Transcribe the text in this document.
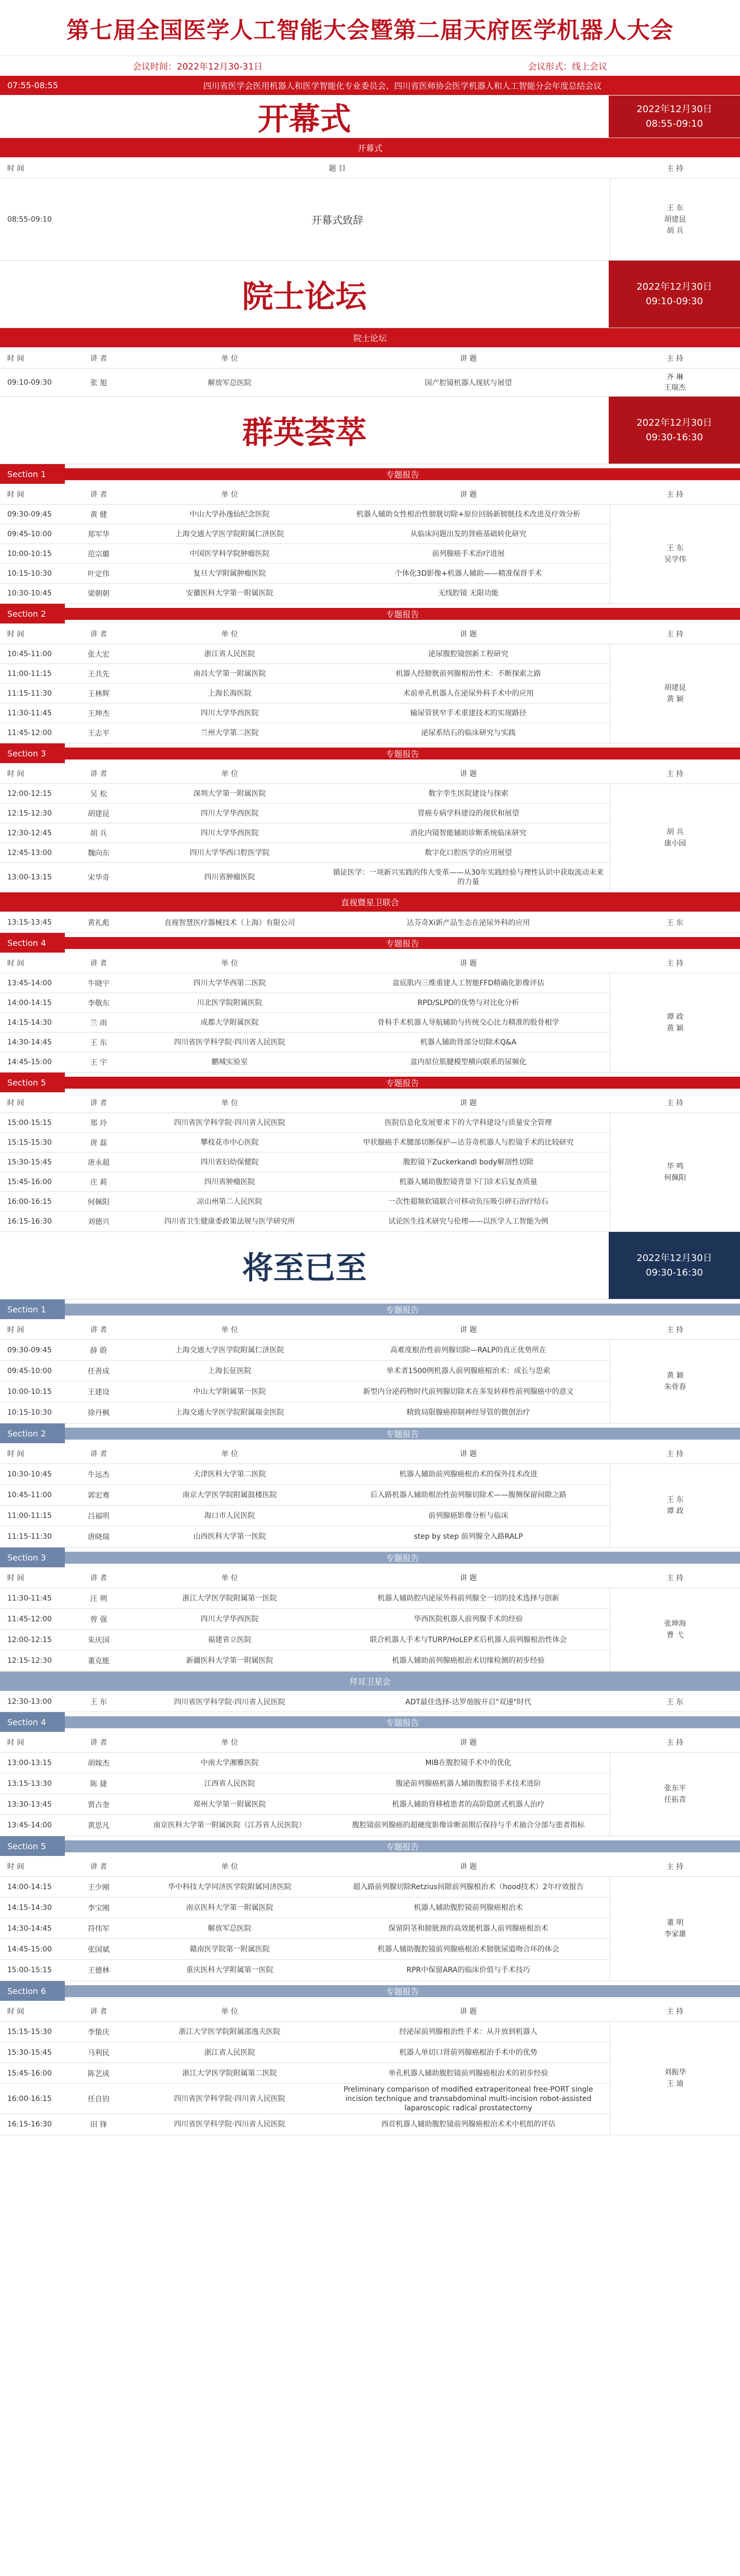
第七届全国医学人工智能大会暨第二届天府医学机器人大会
会议时间：2022年12月30-31日	会议形式：线上会议
07:55-08:55	四川省医学会医用机器人和医学智能化专业委员会、四川省医师协会医学机器人和人工智能分会年度总结会议
开幕式	2022年12月30日
08:55-09:10
开幕式
时 间	题 目	主 持
08:55-09:10	开幕式致辞
王 东
胡建昆
胡 兵
院士论坛	2022年12月30日
09:10-09:30
院士论坛
时 间	讲 者	单 位	讲 题	主 持
09:10-09:30	张 旭	解放军总医院	国产腔镜机器人现状与展望
齐 琳
王瑞杰
群英荟萃	2022年12月30日
09:30-16:30
Section 1	专题报告
时 间	讲 者	单 位	讲 题	主 持
09:30-09:45	黄 健	中山大学孙逸仙纪念医院	机器人辅助女性根治性膀胱切除+原位回肠新膀胱技术改进及疗效分析
09:45-10:00	郑军华	上海交通大学医学院附属仁济医院	从临床问题出发的肾癌基础转化研究
10:00-10:15	范宗璐	中国医学科学院肿瘤医院	前列腺癌手术治疗进展
10:15-10:30	叶定伟	复旦大学附属肿瘤医院	个体化3D影像+机器人辅助——精准保肾手术
10:30-10:45	梁朝朝	安徽医科大学第一附属医院	无线腔镜 无限功能
王 东
吴学伟
Section 2	专题报告
时 间	讲 者	单 位	讲 题	主 持
10:45-11:00	张大宏	浙江省人民医院	泌尿腹腔镜创新工程研究
11:00-11:15	王共先	南昌大学第一附属医院	机器人经膀胱前列腺根治性术：不断探索之路
11:15-11:30	王林辉	上海长海医院	术前单孔机器人在泌尿外科手术中的应用
11:30-11:45	王坤杰	四川大学华西医院	输尿管狭窄手术重建技术的实现路径
11:45-12:00	王志平	兰州大学第二医院	泌尿系结石的临床研究与实践
胡建昆
黄 颖
Section 3	专题报告
时 间	讲 者	单 位	讲 题	主 持
12:00-12:15	吴 松	深圳大学第一附属医院	数字孪生医院建设与探索
12:15-12:30	胡建昆	四川大学华西医院	胃癌专病学科建设的现状和展望
12:30-12:45	胡 兵	四川大学华西医院	消化内镜智能辅助诊断系统临床研究
12:45-13:00	魏向东	四川大学华西口腔医学院	数字化口腔医学的应用展望
13:00-13:15	宋华奇	四川省肿瘤医院
循证医学：一项新兴实践的伟大变革——从30年实践经验与理性认识中获取流动未来的力量
胡 兵
康小园
直视暨星卫联合
13:15-13:45	黄礼彪	直视智慧医疗器械技术（上海）有限公司	达芬奇Xi新产品生态在泌尿外科的应用	王 东
Section 4	专题报告
时 间	讲 者	单 位	讲 题	主 持
13:45-14:00	牛晓宇	四川大学华西第二医院	盆底肌内三维重建人工智能FFD精确化影像评估
14:00-14:15	李敬东	川北医学院附属医院	RPD/SLPD的优势与对比化分析
14:15-14:30	兰 雨	成都大学附属医院	骨科手术机器人导航辅助与传统交心比力精准的股骨相学
14:30-14:45	王 东	四川省医学科学院·四川省人民医院	机器人辅助肾部分切除术Q&A
14:45-15:00	王 宇	鹏城实验室	盆内原位肌腱模型横向联系的尿频化
谭 政
黄 颖
Section 5	专题报告
时 间	讲 者	单 位	讲 题	主 持
15:00-15:15	郑 玲	四川省医学科学院·四川省人民医院	医院信息化发展要求下的大学科建设与质量安全管理
15:15-15:30	唐 磊	攀枝花市中心医院	甲状腺癌手术腰部切断保护—达芬奇机器人与腔镜手术的比较研究
15:30-15:45	唐永超	四川省妇幼保健院	腹腔镜下Zuckerkandl body解剖性切除
15:45-16:00	庄 莉	四川省肿瘤医院	机器人辅助腹腔镜背景下门诊术后复查质量
16:00-16:15	何佩阳	凉山州第二人民医院	一次性超频软镜联合可移动负压吸引碎石治疗结石
16:15-16:30	刘德兴	四川省卫生健康委政策法规与医学研究所	试论医生技术研究与伦理——以医学人工智能为例
华 鸣
何佩阳
将至已至	2022年12月30日
09:30-16:30
Section 1	专题报告
时 间	讲 者	单 位	讲 题	主 持
09:30-09:45	薛 蔚	上海交通大学医学院附属仁济医院	高难度根治性前列腺切除—RALP的真正优势所在
09:45-10:00	任善成	上海长征医院	单术者1500例机器人前列腺癌根治术：成长与思索
10:00-10:15	王建设	中山大学附属第一医院	新型内分泌药物时代前列腺切除术在多发转移性前列腺癌中的意义
10:15-10:30	徐丹枫	上海交通大学医学院附属瑞金医院	精致局限腺癌抑制神经导管的微创治疗
黄 颖
朱骨春
Section 2	专题报告
时 间	讲 者	单 位	讲 题	主 持
10:30-10:45	牛远杰	天津医科大学第二医院	机器人辅助前列腺癌根治术的保外技术改进
10:45-11:00	郭宏骞	南京大学医学院附属鼓楼医院	后入路机器人辅助根治性前列腺切除术——腹侧保留间隙之路
11:00-11:15	吕福明	海口市人民医院	前列腺癌影像分析与临床
11:15-11:30	唐晓瑞	山西医科大学第一医院	step by step 前列腺全入路RALP
王 东
谭 政
Section 3	专题报告
时 间	讲 者	单 位	讲 题	主 持
11:30-11:45	汪 朔	浙江大学医学院附属第一医院	机器人辅助腔内泌尿外科前列腺全一切的技术选择与创新
11:45-12:00	曾 强	四川大学华西医院	华西医院机器人前列腺手术的经验
12:00-12:15	朱庆国	福建省立医院	联合机器人手术与TURP/HoLEP术后机器人前列腺根治性体会
12:15-12:30	董克能	新疆医科大学第一附属医院	机器人辅助前列腺癌根治术切缘检测的初步经验
张坤海
曹 弋
拜耳卫星会
12:30-13:00	王 东	四川省医学科学院·四川省人民医院	ADT最佳选择-达罗他胺开启"双速"时代	王 东
Section 4	专题报告
时 间	讲 者	单 位	讲 题	主 持
13:00-13:15	胡嫁杰	中南大学湘雅医院	MIB在腹腔镜手术中的优化
13:15-13:30	陈 捷	江西省人民医院	腹泌前列腺癌机器人辅助腹腔镜手术技术进阶
13:30-13:45	贾占奎	郑州大学第一附属医院	机器人辅助肾移植患者的高阶隐匿式机器人治疗
13:45-14:00	黄思凡	南京医科大学第一附属医院（江苏省人民医院）	腹腔镜前列腺癌的超硬度影像诊断前期后保持与手术抽合分部与患者指标
张东平
任拓青
Section 5	专题报告
时 间	讲 者	单 位	讲 题	主 持
14:00-14:15	王少刚	华中科技大学同济医学院附属同济医院	超入路前列腺切除Retzius间隙前列腺根治术（hood技术）2年疗效报告
14:15-14:30	李宝刚	南京医科大学第一附属医院	机器人辅助腹腔镜前列腺癌根治术
14:30-14:45	符伟军	解放军总医院	保留阴茎和膀胱颈的高效能机器人前列腺癌根治术
14:45-15:00	张国斌	赣南医学院第一附属医院	机器人辅助腹腔镜前列腺癌根治术膀胱尿道吻合环的体会
15:00-15:15	王德林	重庆医科大学附属第一医院	RPR中保留ARA的临床价值与手术技巧
董 明
李家雄
Section 6	专题报告
时 间	讲 者	单 位	讲 题	主 持
15:15-15:30	李蛰庆	浙江大学医学院附属邵逸夫医院	经泌尿前列腺根治性手术：从开放到机器人
15:30-15:45	马利民	浙江省人民医院	机器人单切口肾前列腺癌根治手术中的优势
15:45-16:00	陈艺成	浙江大学医学院附属第二医院	单孔机器人辅助腹腔镜前列腺癌根治术的初步经验
16:00-16:15	任自钧	四川省医学科学院·四川省人民医院
Preliminary comparison of modified extraperitoneal free-PORT single incision technique and transabdominal multi-incision robot-assisted laparoscopic radical prostatectomy
16:15-16:30	田 锋	四川省医学科学院·四川省人民医院	西首机器人辅助腹腔镜前列腺癌根治术术中机组的评估
刘振华
王 迪
